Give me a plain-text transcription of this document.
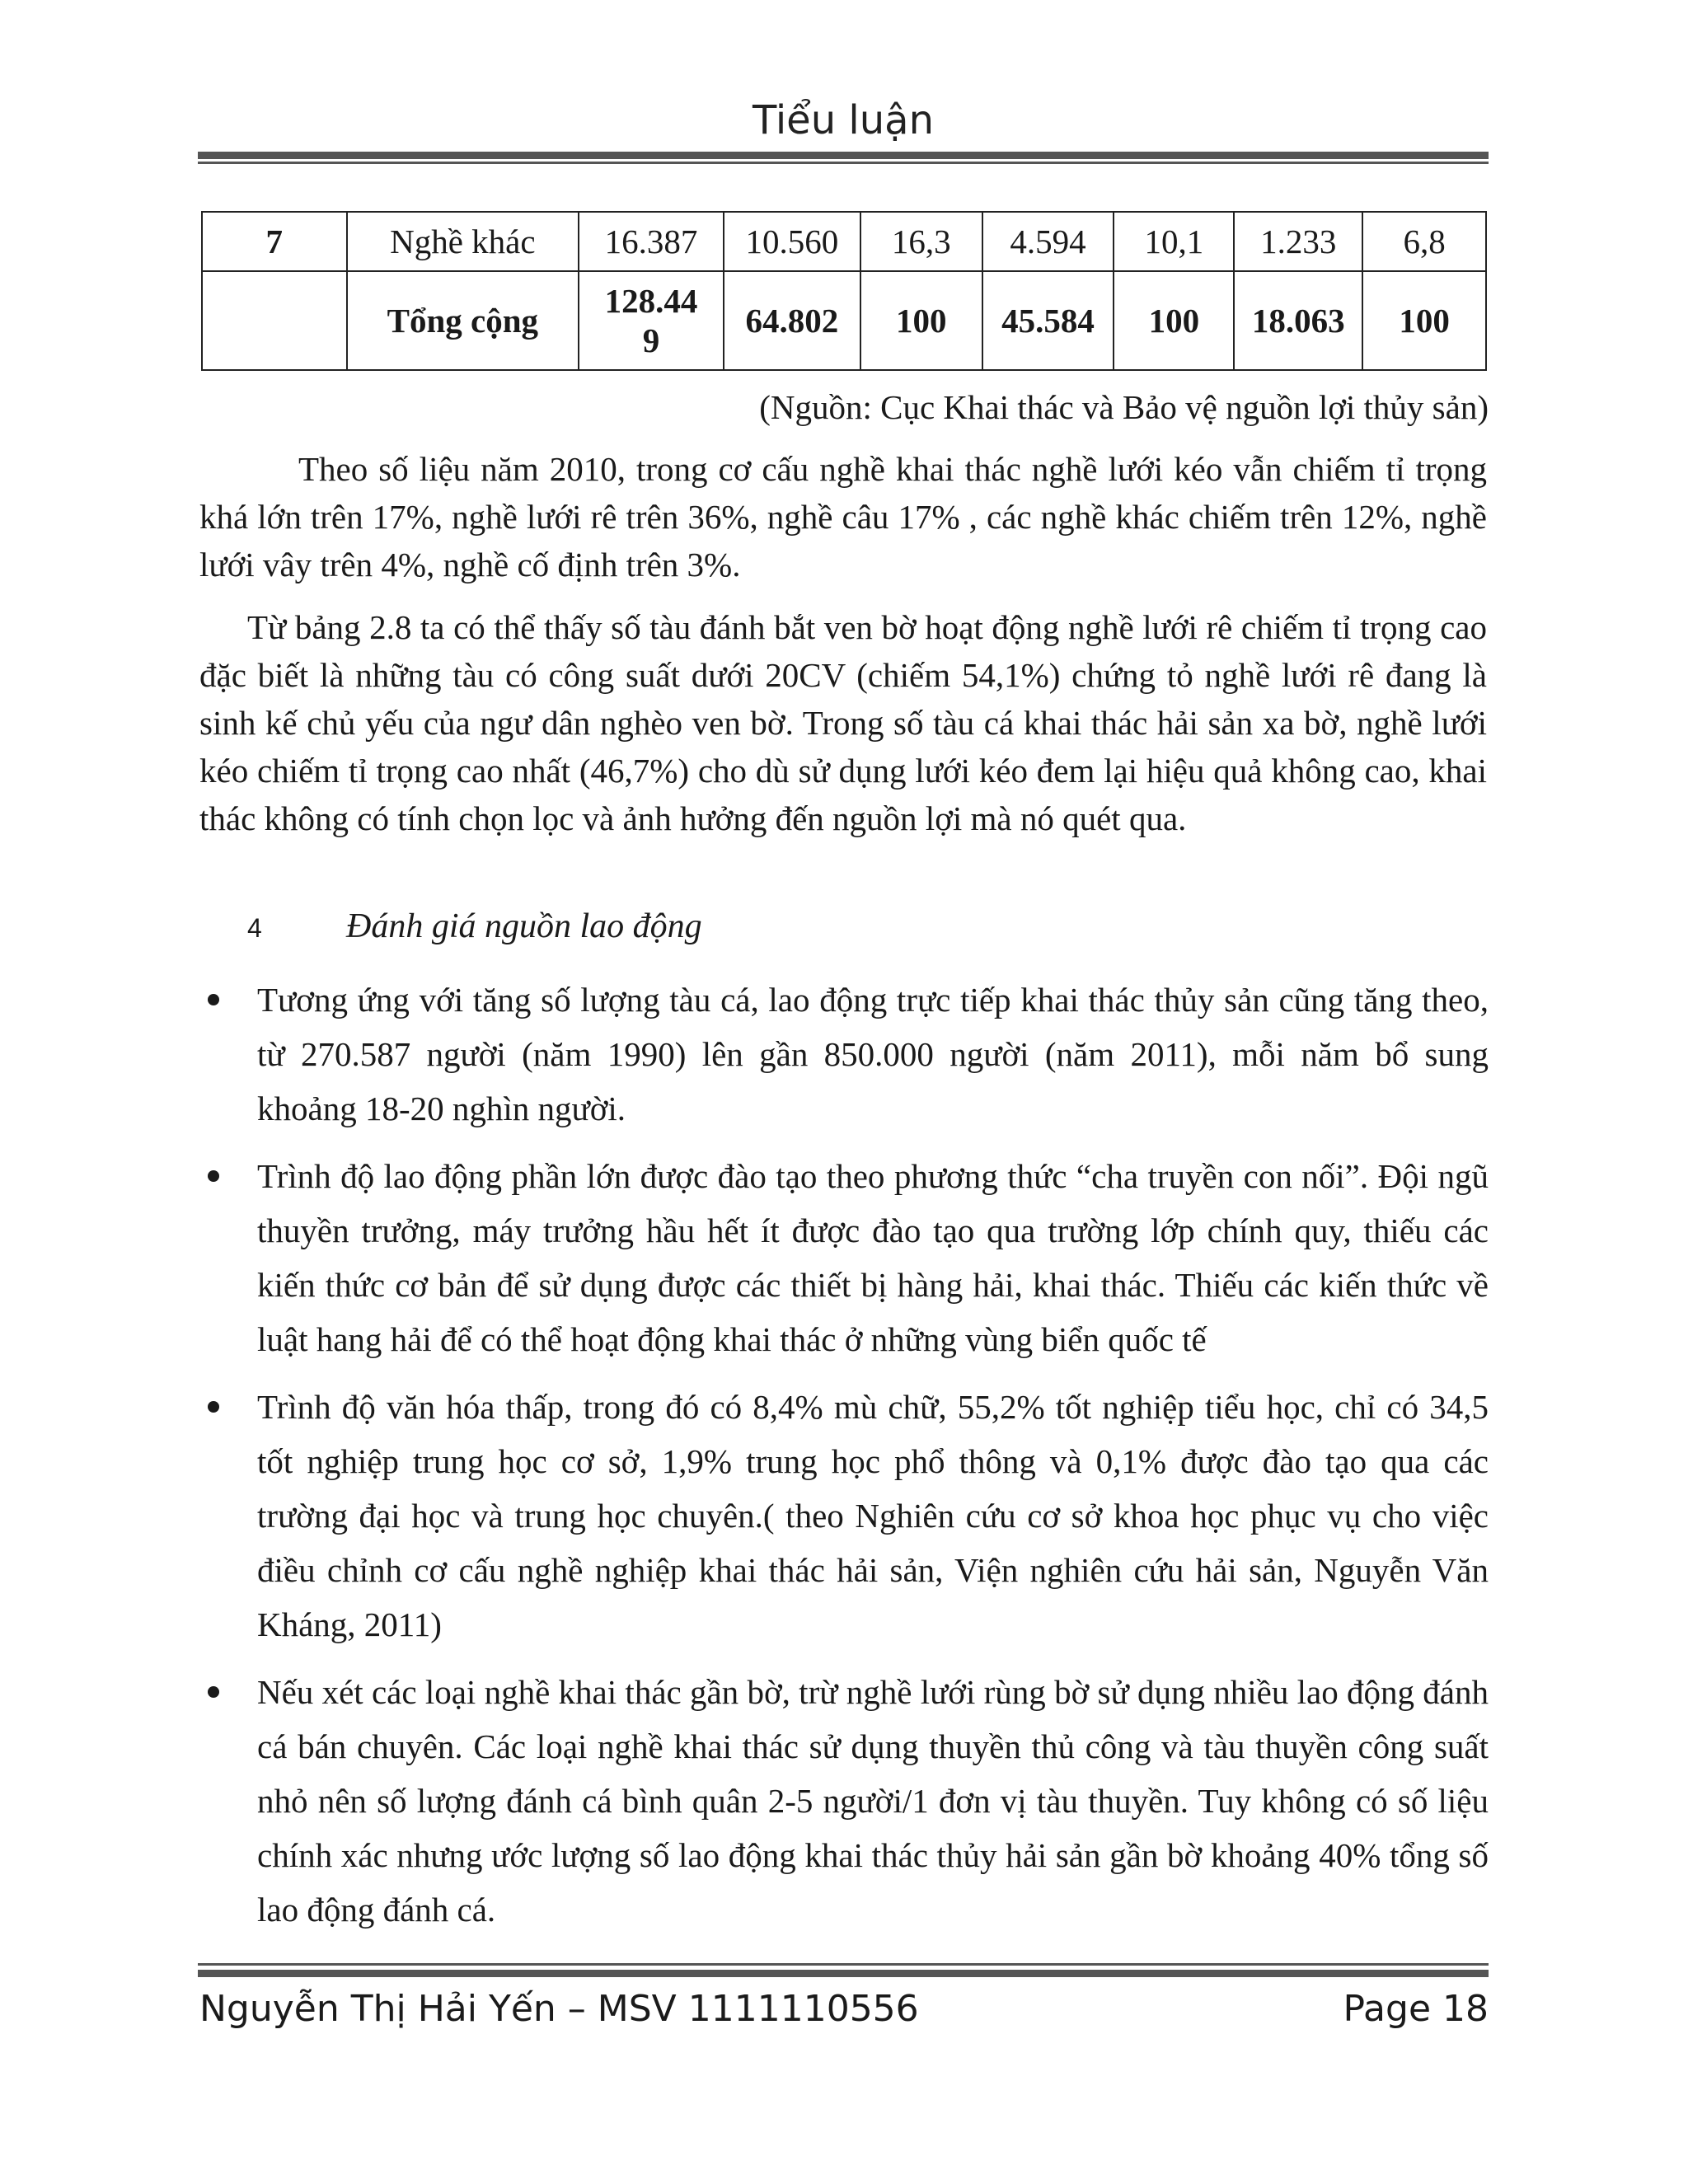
Tiểu luận
7	Nghề khác	16.387	10.560	16,3	4.594	10,1	1.233	6,8
	Tổng cộng	128.449	64.802	100	45.584	100	18.063	100
(Nguồn: Cục Khai thác và Bảo vệ nguồn lợi thủy sản)

Theo số liệu năm 2010, trong cơ cấu nghề khai thác nghề lưới kéo vẫn chiếm tỉ trọng khá lớn trên 17%, nghề lưới rê trên 36%, nghề câu 17% , các nghề khác chiếm trên 12%, nghề lưới vây trên 4%, nghề cố định trên 3%.

Từ bảng 2.8 ta có thể thấy số tàu đánh bắt ven bờ hoạt động nghề lưới rê chiếm tỉ trọng cao đặc biết là những tàu có công suất dưới 20CV (chiếm 54,1%) chứng tỏ nghề lưới rê đang là sinh kế chủ yếu của ngư dân nghèo ven bờ. Trong số tàu cá khai thác hải sản xa bờ, nghề lưới kéo chiếm tỉ trọng cao nhất (46,7%) cho dù sử dụng lưới kéo đem lại hiệu quả không cao, khai thác không có tính chọn lọc và ảnh hưởng đến nguồn lợi mà nó quét qua.

4 Đánh giá nguồn lao động
Tương ứng với tăng số lượng tàu cá, lao động trực tiếp khai thác thủy sản cũng tăng theo, từ 270.587 người (năm 1990) lên gần 850.000 người (năm 2011), mỗi năm bổ sung khoảng 18-20 nghìn người.
Trình độ lao động phần lớn được đào tạo theo phương thức “cha truyền con nối”. Đội ngũ thuyền trưởng, máy trưởng hầu hết ít được đào tạo qua trường lớp chính quy, thiếu các kiến thức cơ bản để sử dụng được các thiết bị hàng hải, khai thác. Thiếu các kiến thức về luật hang hải để có thể hoạt động khai thác ở những vùng biển quốc tế
Trình độ văn hóa thấp, trong đó có 8,4% mù chữ, 55,2% tốt nghiệp tiểu học, chỉ có 34,5 tốt nghiệp trung học cơ sở, 1,9% trung học phổ thông và 0,1% được đào tạo qua các trường đại học và trung học chuyên.( theo Nghiên cứu cơ sở khoa học phục vụ cho việc điều chỉnh cơ cấu nghề nghiệp khai thác hải sản, Viện nghiên cứu hải sản, Nguyễn Văn Kháng, 2011)
Nếu xét các loại nghề khai thác gần bờ, trừ nghề lưới rùng bờ sử dụng nhiều lao động đánh cá bán chuyên. Các loại nghề khai thác sử dụng thuyền thủ công và tàu thuyền công suất nhỏ nên số lượng đánh cá bình quân 2-5 người/1 đơn vị tàu thuyền. Tuy không có số liệu chính xác nhưng ước lượng số lao động khai thác thủy hải sản gần bờ khoảng 40% tổng số lao động đánh cá.
Nguyễn Thị Hải Yến – MSV 1111110556	Page 18
